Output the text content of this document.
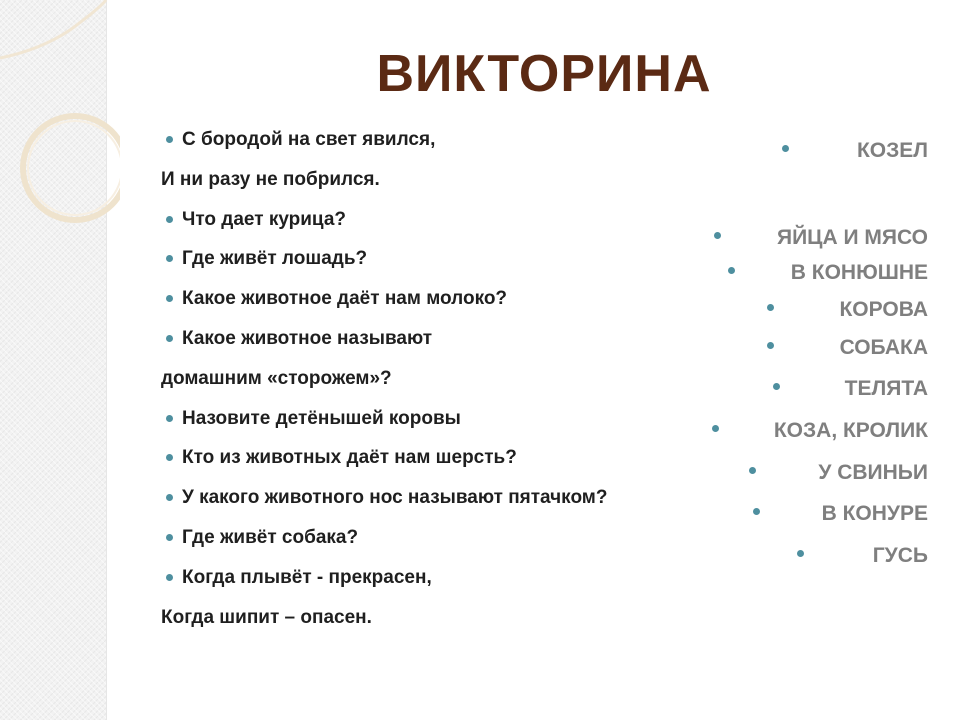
ВИКТОРИНА
С бородой на свет явился,
И ни разу не побрился.
Что дает курица?
Где живёт лошадь?
Какое животное даёт нам молоко?
Какое животное называют
домашним «сторожем»?
Назовите детёнышей коровы
Кто из животных даёт нам шерсть?
У какого животного нос называют пятачком?
Где живёт собака?
Когда плывёт - прекрасен,
Когда шипит – опасен.
КОЗЕЛ
ЯЙЦА И МЯСО
В КОНЮШНЕ
КОРОВА
СОБАКА
ТЕЛЯТА
КОЗА, КРОЛИК
У СВИНЬИ
В КОНУРЕ
ГУСЬ
